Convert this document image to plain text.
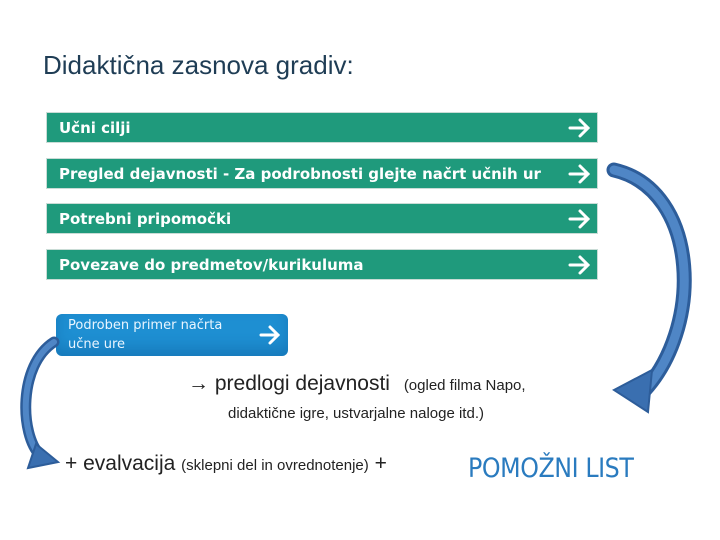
Didaktična zasnova gradiv:
Učni cilji
Pregled dejavnosti - Za podrobnosti glejte načrt učnih ur
Potrebni pripomočki
Povezave do predmetov/kurikuluma
Podroben primer načrta
učne ure
→ predlogi dejavnosti (ogled filma Napo,
didaktične igre, ustvarjalne naloge itd.)
+ evalvacija (sklepni del in ovrednotenje) +	POMOŽNI LIST
